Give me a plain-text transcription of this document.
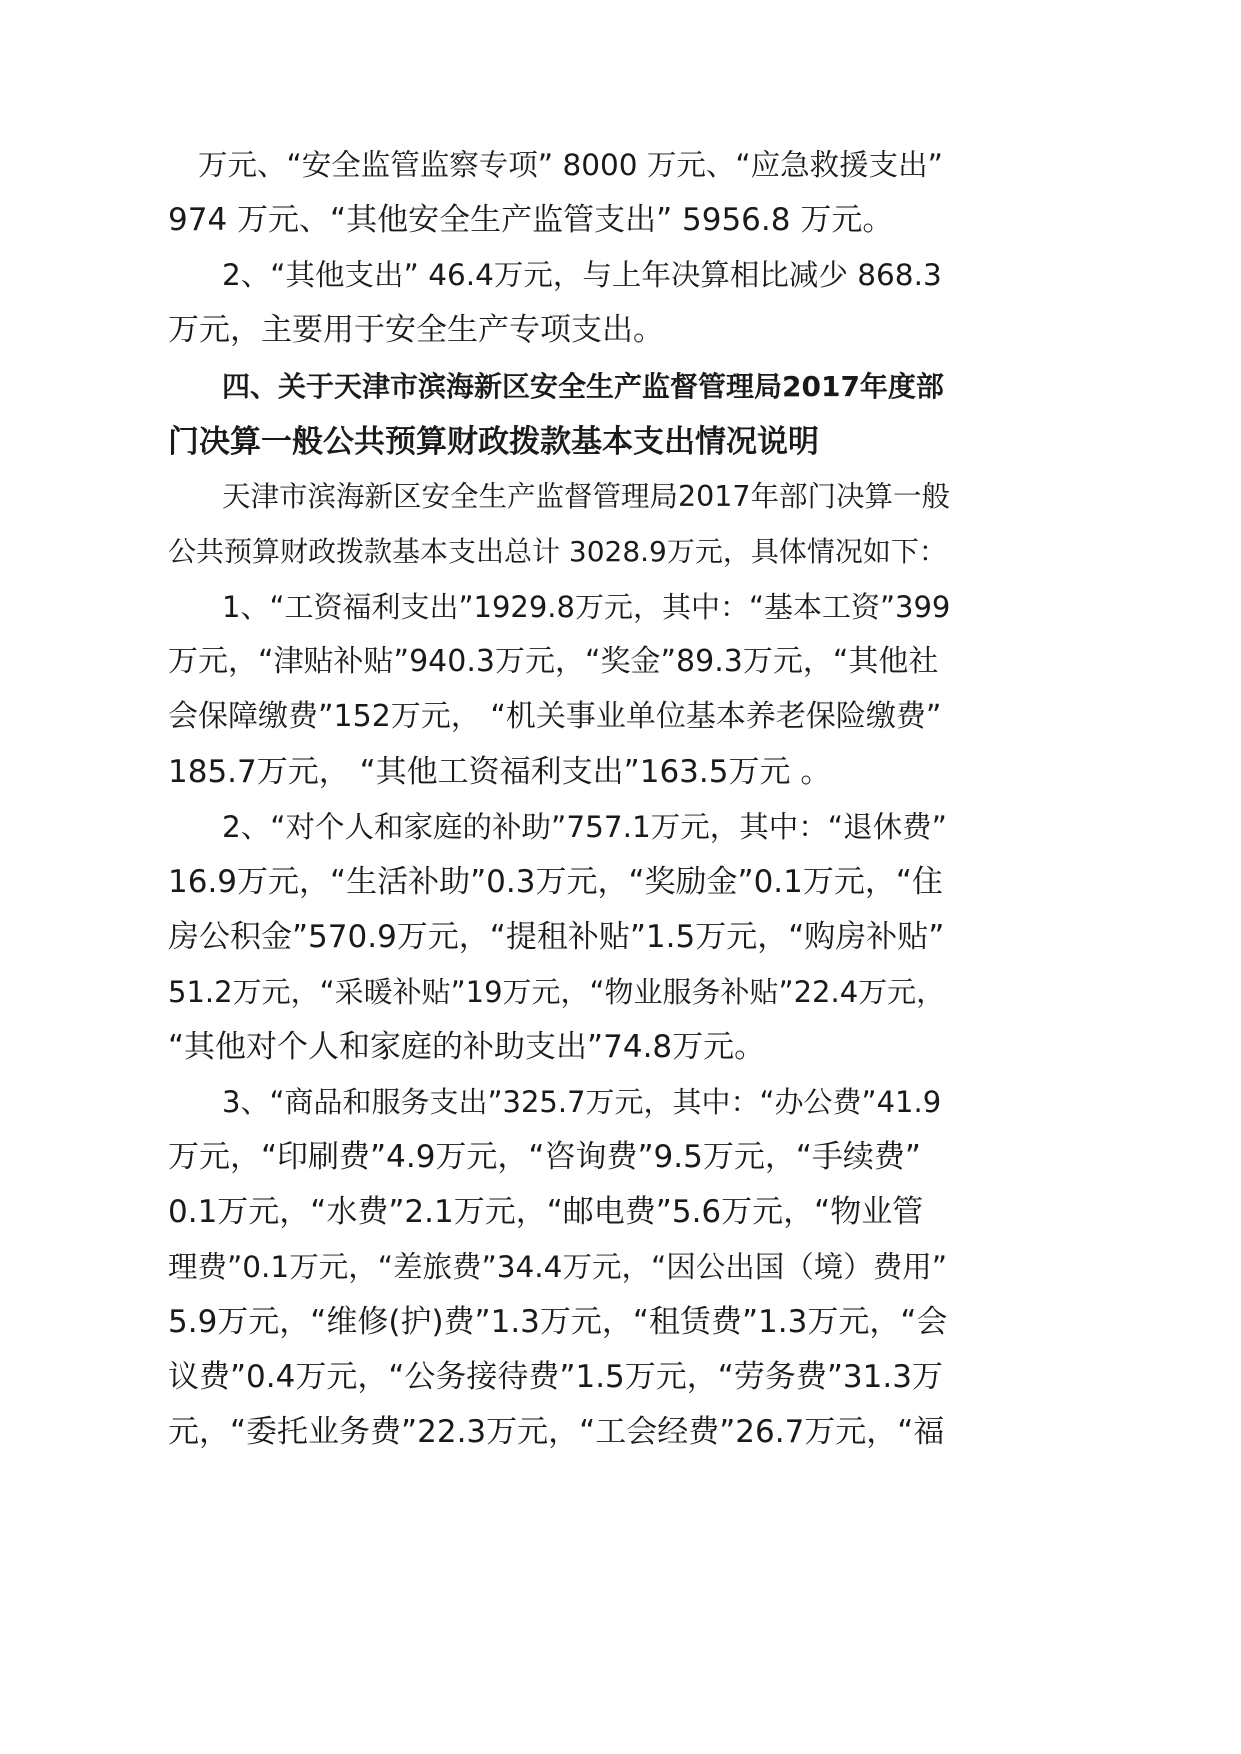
万元、“安全监管监察专项” 8000 万元、“应急救援支出”
974 万元、“其他安全生产监管支出” 5956.8 万元。
2、“其他支出” 46.4万元，与上年决算相比减少 868.3
万元，主要用于安全生产专项支出。
四、关于天津市滨海新区安全生产监督管理局2017年度部
门决算一般公共预算财政拨款基本支出情况说明
天津市滨海新区安全生产监督管理局2017年部门决算一般
公共预算财政拨款基本支出总计 3028.9万元，具体情况如下：
1、“工资福利支出”1929.8万元，其中：“基本工资”399
万元，“津贴补贴”940.3万元，“奖金”89.3万元，“其他社
会保障缴费”152万元， “机关事业单位基本养老保险缴费”
185.7万元， “其他工资福利支出”163.5万元 。
2、“对个人和家庭的补助”757.1万元，其中：“退休费”
16.9万元，“生活补助”0.3万元，“奖励金”0.1万元，“住
房公积金”570.9万元，“提租补贴”1.5万元，“购房补贴”
51.2万元，“采暖补贴”19万元，“物业服务补贴”22.4万元，
“其他对个人和家庭的补助支出”74.8万元。
3、“商品和服务支出”325.7万元，其中：“办公费”41.9
万元，“印刷费”4.9万元，“咨询费”9.5万元，“手续费”
0.1万元，“水费”2.1万元，“邮电费”5.6万元，“物业管
理费”0.1万元，“差旅费”34.4万元，“因公出国（境）费用”
5.9万元，“维修(护)费”1.3万元，“租赁费”1.3万元，“会
议费”0.4万元，“公务接待费”1.5万元，“劳务费”31.3万
元，“委托业务费”22.3万元，“工会经费”26.7万元，“福
